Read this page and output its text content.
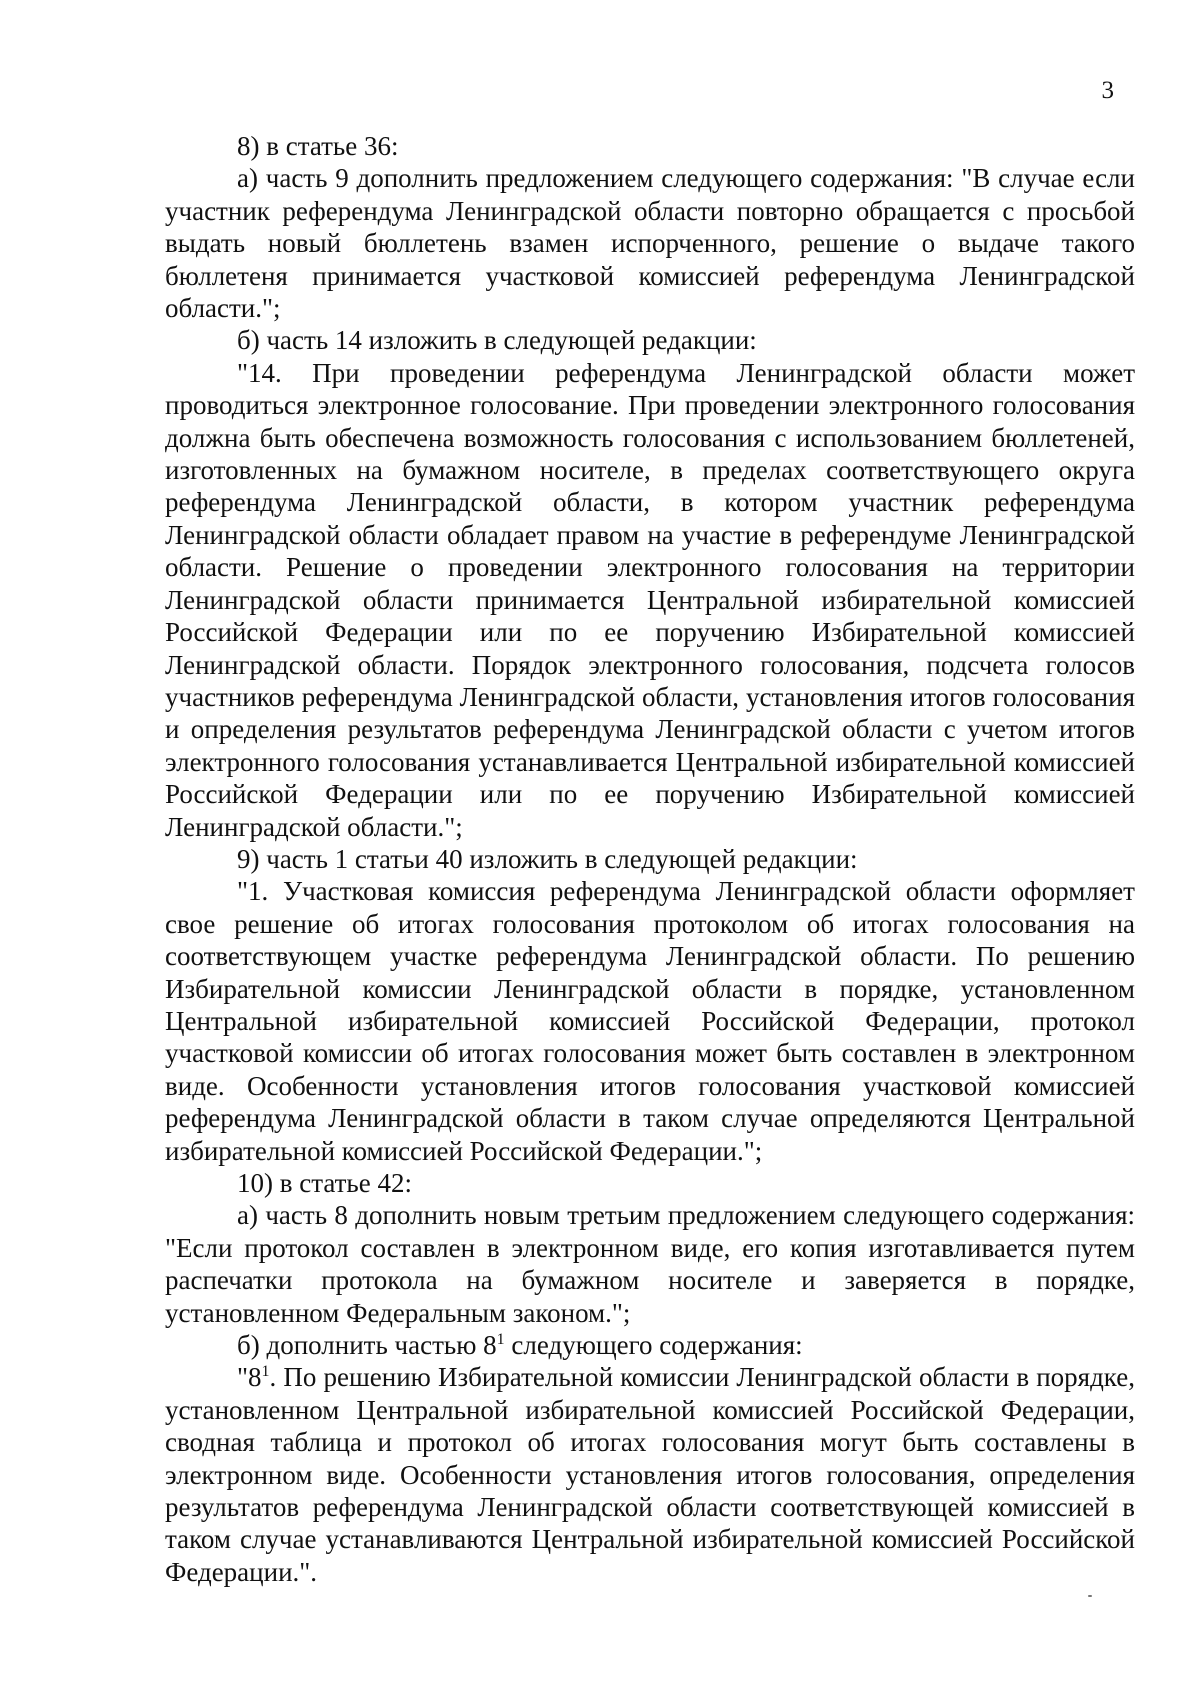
3

8) в статье 36:

а) часть 9 дополнить предложением следующего содержания: "В случае если участник референдума Ленинградской области повторно обращается с просьбой выдать новый бюллетень взамен испорченного, решение о выдаче такого бюллетеня принимается участковой комиссией референдума Ленинградской области.";

б) часть 14 изложить в следующей редакции:

"14. При проведении референдума Ленинградской области может проводиться электронное голосование. При проведении электронного голосования должна быть обеспечена возможность голосования с использованием бюллетеней, изготовленных на бумажном носителе, в пределах соответствующего округа референдума Ленинградской области, в котором участник референдума Ленинградской области обладает правом на участие в референдуме Ленинградской области. Решение о проведении электронного голосования на территории Ленинградской области принимается Центральной избирательной комиссией Российской Федерации или по ее поручению Избирательной комиссией Ленинградской области. Порядок электронного голосования, подсчета голосов участников референдума Ленинградской области, установления итогов голосования и определения результатов референдума Ленинградской области с учетом итогов электронного голосования устанавливается Центральной избирательной комиссией Российской Федерации или по ее поручению Избирательной комиссией Ленинградской области.";

9) часть 1 статьи 40 изложить в следующей редакции:

"1. Участковая комиссия референдума Ленинградской области оформляет свое решение об итогах голосования протоколом об итогах голосования на соответствующем участке референдума Ленинградской области. По решению Избирательной комиссии Ленинградской области в порядке, установленном Центральной избирательной комиссией Российской Федерации, протокол участковой комиссии об итогах голосования может быть составлен в электронном виде. Особенности установления итогов голосования участковой комиссией референдума Ленинградской области в таком случае определяются Центральной избирательной комиссией Российской Федерации.";

10) в статье 42:

а) часть 8 дополнить новым третьим предложением следующего содержания: "Если протокол составлен в электронном виде, его копия изготавливается путем распечатки протокола на бумажном носителе и заверяется в порядке, установленном Федеральным законом.";

б) дополнить частью $8^1$ следующего содержания:

"$8^1$. По решению Избирательной комиссии Ленинградской области в порядке, установленном Центральной избирательной комиссией Российской Федерации, сводная таблица и протокол об итогах голосования могут быть составлены в электронном виде. Особенности установления итогов голосования, определения результатов референдума Ленинградской области соответствующей комиссией в таком случае устанавливаются Центральной избирательной комиссией Российской Федерации.".
